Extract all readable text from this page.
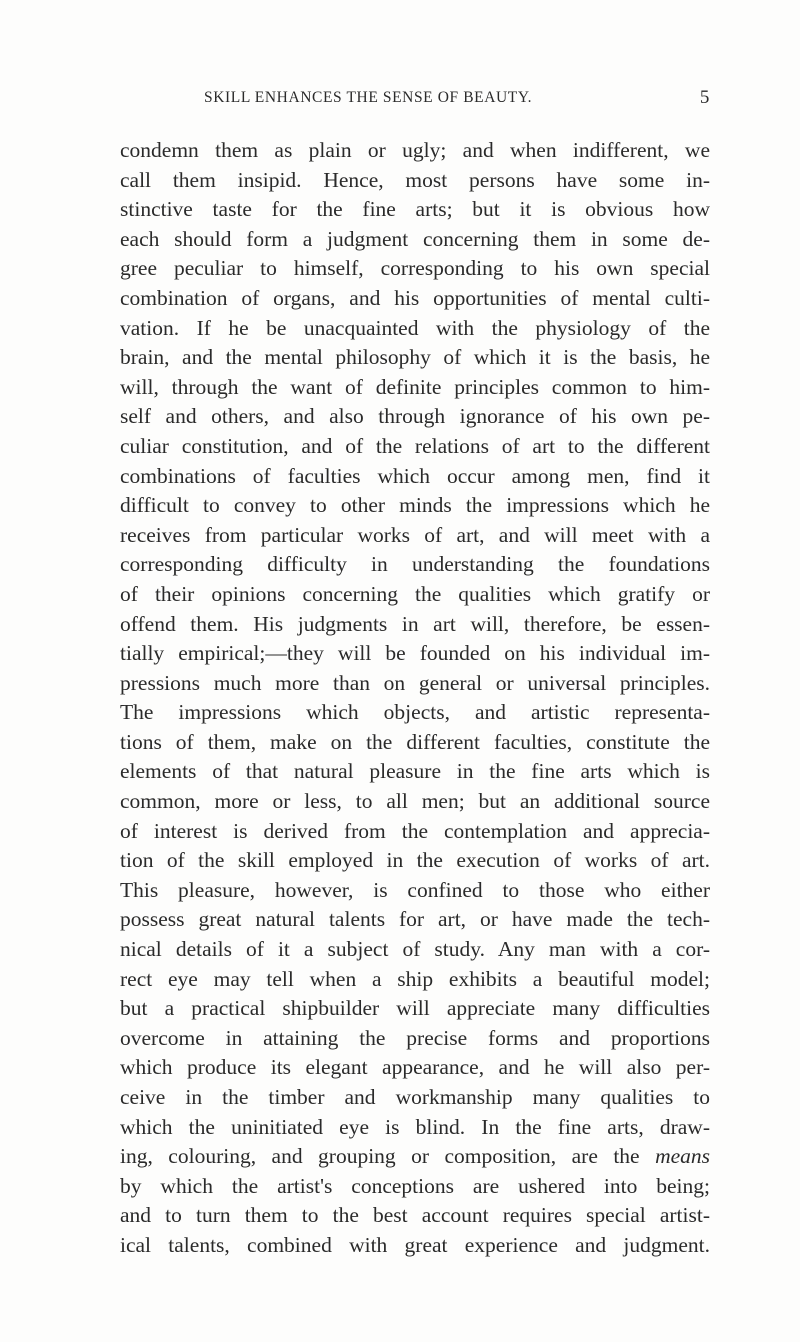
SKILL ENHANCES THE SENSE OF BEAUTY.	5
condemn them as plain or ugly; and when indifferent, we
call them insipid. Hence, most persons have some in-
stinctive taste for the fine arts; but it is obvious how
each should form a judgment concerning them in some de-
gree peculiar to himself, corresponding to his own special
combination of organs, and his opportunities of mental culti-
vation. If he be unacquainted with the physiology of the
brain, and the mental philosophy of which it is the basis, he
will, through the want of definite principles common to him-
self and others, and also through ignorance of his own pe-
culiar constitution, and of the relations of art to the different
combinations of faculties which occur among men, find it
difficult to convey to other minds the impressions which he
receives from particular works of art, and will meet with a
corresponding difficulty in understanding the foundations
of their opinions concerning the qualities which gratify or
offend them. His judgments in art will, therefore, be essen-
tially empirical;—they will be founded on his individual im-
pressions much more than on general or universal principles.
The impressions which objects, and artistic representa-
tions of them, make on the different faculties, constitute the
elements of that natural pleasure in the fine arts which is
common, more or less, to all men; but an additional source
of interest is derived from the contemplation and apprecia-
tion of the skill employed in the execution of works of art.
This pleasure, however, is confined to those who either
possess great natural talents for art, or have made the tech-
nical details of it a subject of study. Any man with a cor-
rect eye may tell when a ship exhibits a beautiful model;
but a practical shipbuilder will appreciate many difficulties
overcome in attaining the precise forms and proportions
which produce its elegant appearance, and he will also per-
ceive in the timber and workmanship many qualities to
which the uninitiated eye is blind. In the fine arts, draw-
ing, colouring, and grouping or composition, are the means
by which the artist's conceptions are ushered into being;
and to turn them to the best account requires special artist-
ical talents, combined with great experience and judgment.
